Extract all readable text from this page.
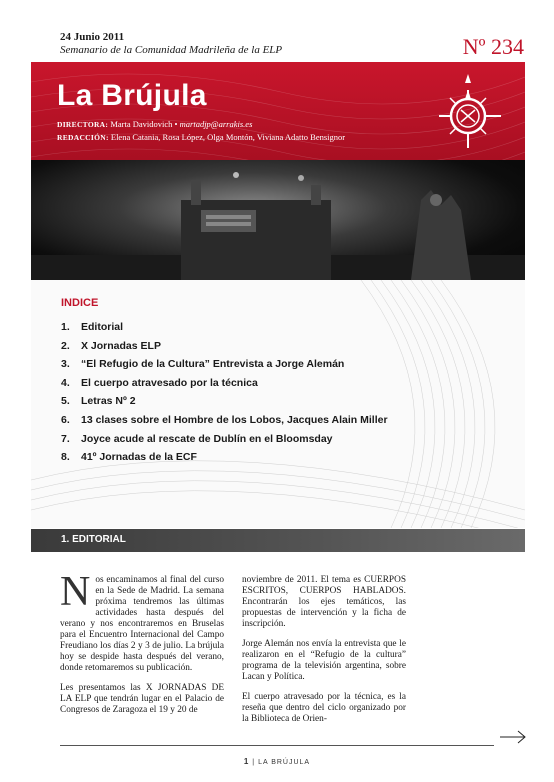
24 Junio 2011
Semanario de la Comunidad Madrileña de la ELP	Nº 234
La Brújula
DIRECTORA: Marta Davidovich • martadjp@arrakis.es
REDACCIÓN: Elena Catania, Rosa López, Olga Montón, Viviana Adatto Bensignor
INDICE
1. Editorial
2. X Jornadas ELP
3. “El Refugio de la Cultura” Entrevista a Jorge Alemán
4. El cuerpo atravesado por la técnica
5. Letras Nº 2
6. 13 clases sobre el Hombre de los Lobos, Jacques Alain Miller
7. Joyce acude al rescate de Dublín en el Bloomsday
8. 41º Jornadas de la ECF
1. EDITORIAL

Nos encaminamos al final del curso en la Sede de Madrid. La semana próxima tendremos las últimas actividades hasta después del verano y nos encontraremos en Bruselas para el Encuentro Internacional del Campo Freudiano los días 2 y 3 de julio. La brújula hoy se despide hasta después del verano, donde retomaremos su publicación.

Les presentamos las X JORNADAS DE LA ELP que tendrán lugar en el Palacio de Congresos de Zaragoza el 19 y 20 de

noviembre de 2011. El tema es CUERPOS ESCRITOS, CUERPOS HABLADOS. Encontrarán los ejes temáticos, las propuestas de intervención y la ficha de inscripción.

Jorge Alemán nos envía la entrevista que le realizaron en el “Refugio de la cultura” programa de la televisión argentina, sobre Lacan y Política.

El cuerpo atravesado por la técnica, es la reseña que dentro del ciclo organizado por la Biblioteca de Orien-

1 | LA BRÚJULA
